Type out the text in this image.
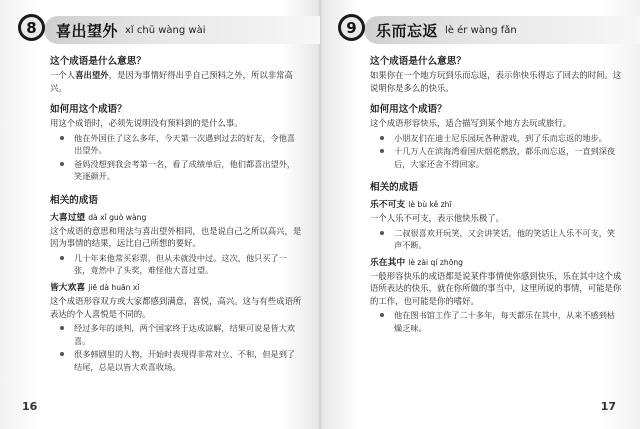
喜出望外 xǐ chū wàng wài
8
这个成语是什么意思？

一个人喜出望外，是因为事情好得出乎自己预料之外，所以非常高兴。

如何用这个成语？

用这个成语时，必须先说明没有预料到的是什么事。

他在外国住了这么多年，今天第一次遇到过去的好友，令他喜出望外。
爸妈没想到我会考第一名，看了成绩单后，他们都喜出望外，笑逐颜开。
相关的成语
大喜过望 dà xǐ guò wàng

这个成语的意思和用法与喜出望外相同，也是说自己之所以高兴，是因为事情的结果，远比自己所想的要好。

几十年来他常买彩票，但从未就没中过。这次，他只买了一张，竟然中了头奖，难怪他大喜过望。
皆大欢喜 jiē dà huān xǐ

这个成语形容双方或大家都感到满意，喜悦，高兴。这与有些成语所表达的个人喜悦是不同的。

经过多年的谈判，两个国家终于达成谅解，结果可说是皆大欢喜。
很多韩剧里的人物，开始时表现得非常对立、不和，但是到了结尾，总是以皆大欢喜收场。
16
乐而忘返 lè ér wàng fǎn
9
这个成语是什么意思？

如果你在一个地方玩到乐而忘返，表示你快乐得忘了回去的时间。这说明你是多么的快乐。

如何用这个成语？

这个成语形容快乐，适合描写到某个地方去玩或旅行。

小朋友们在迪士尼乐园玩各种游戏，到了乐而忘返的地步。
十几万人在滨海湾看国庆烟花燃放，都乐而忘返，一直到深夜后，大家还舍不得回家。
相关的成语
乐不可支 lè bù kě zhī

一个人乐不可支，表示他快乐极了。

二叔很喜欢开玩笑，又会讲笑话，他的笑话让人乐不可支，笑声不断。
乐在其中 lè zài qí zhōng

一般形容快乐的成语都是说某件事情使你感到快乐，乐在其中这个成语所表达的快乐，就在你所做的事当中，这里所说的事情，可能是你的工作，也可能是你的嗜好。

他在图书馆工作了二十多年，每天都乐在其中，从来不感到枯燥乏味。
17
